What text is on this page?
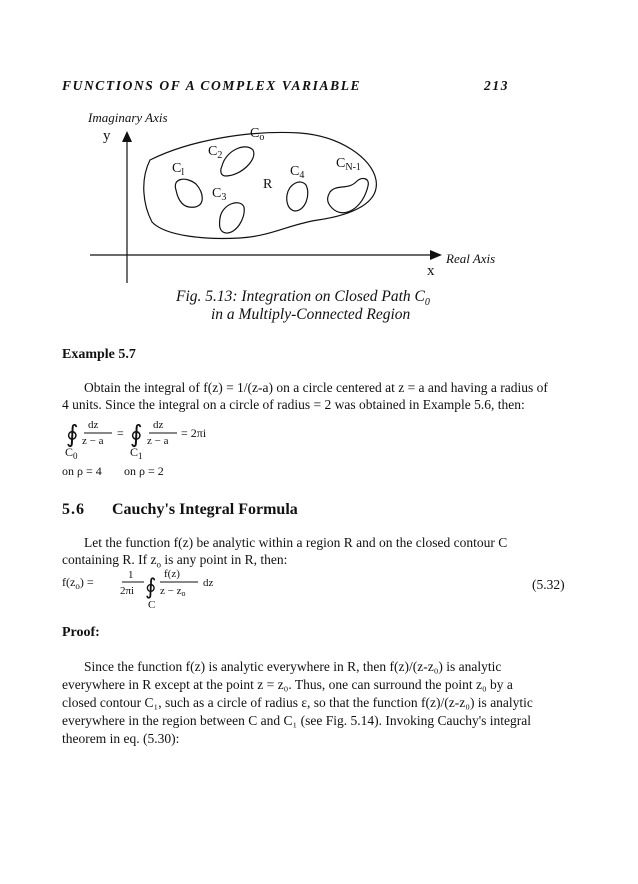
FUNCTIONS OF A COMPLEX VARIABLE	213
Imaginary Axis
y
x
$C_o$
$C_2$
$C_l$
$C_3$
R
$C_4$
$C_{N-1}$
Real Axis
Fig. 5.13: Integration on Closed Path $C_0$
in a Multiply-Connected Region
Example 5.7
Obtain the integral of f(z) = 1/(z-a) on a circle centered at z = a and having a radius of
4 units. Since the integral on a circle of radius = 2 was obtained in Example 5.6, then:
∮ dz
z − a
= ∮ dz
z − a
= 2πi
$C_0$	$C_1$
on ρ = 4 on ρ = 2
5.6 Cauchy's Integral Formula
Let the function f(z) be analytic within a region R and on the closed contour C
containing R. If $z_o$ is any point in R, then:
$f(z_o)$ =	1
2πi ∮ f(z)
z − zo
dz
C
(5.32)
Proof:
Since the function f(z) is analytic everywhere in R, then f(z)/(z-z₀) is analytic
everywhere in R except at the point z = z₀. Thus, one can surround the point z₀ by a
closed contour C₁, such as a circle of radius ε, so that the function f(z)/(z-z₀) is analytic
everywhere in the region between C and C₁ (see Fig. 5.14). Invoking Cauchy's integral
theorem in eq. (5.30):
